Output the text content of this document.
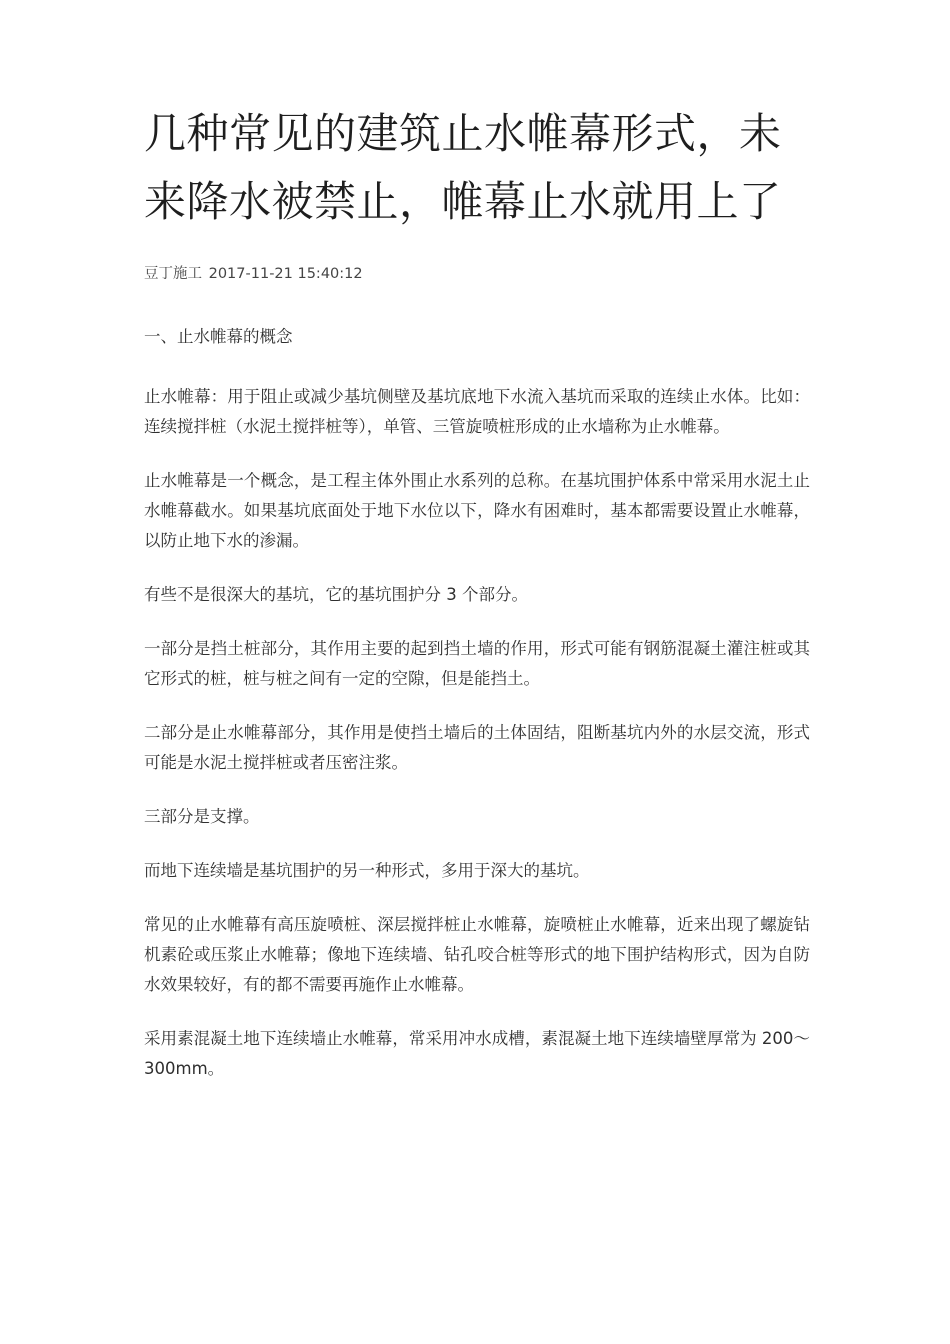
几种常见的建筑止水帷幕形式，未来降水被禁止，帷幕止水就用上了
豆丁施工 2017-11-21 15:40:12

一、止水帷幕的概念

止水帷幕：用于阻止或减少基坑侧壁及基坑底地下水流入基坑而采取的连续止水体。比如：连续搅拌桩（水泥土搅拌桩等），单管、三管旋喷桩形成的止水墙称为止水帷幕。

止水帷幕是一个概念，是工程主体外围止水系列的总称。在基坑围护体系中常采用水泥土止水帷幕截水。如果基坑底面处于地下水位以下，降水有困难时，基本都需要设置止水帷幕，以防止地下水的渗漏。

有些不是很深大的基坑，它的基坑围护分 3 个部分。

一部分是挡土桩部分，其作用主要的起到挡土墙的作用，形式可能有钢筋混凝土灌注桩或其它形式的桩，桩与桩之间有一定的空隙，但是能挡土。

二部分是止水帷幕部分，其作用是使挡土墙后的土体固结，阻断基坑内外的水层交流，形式可能是水泥土搅拌桩或者压密注浆。

三部分是支撑。

而地下连续墙是基坑围护的另一种形式，多用于深大的基坑。

常见的止水帷幕有高压旋喷桩、深层搅拌桩止水帷幕，旋喷桩止水帷幕，近来出现了螺旋钻机素砼或压浆止水帷幕；像地下连续墙、钻孔咬合桩等形式的地下围护结构形式，因为自防水效果较好，有的都不需要再施作止水帷幕。

采用素混凝土地下连续墙止水帷幕，常采用冲水成槽，素混凝土地下连续墙壁厚常为 200～300mm。
